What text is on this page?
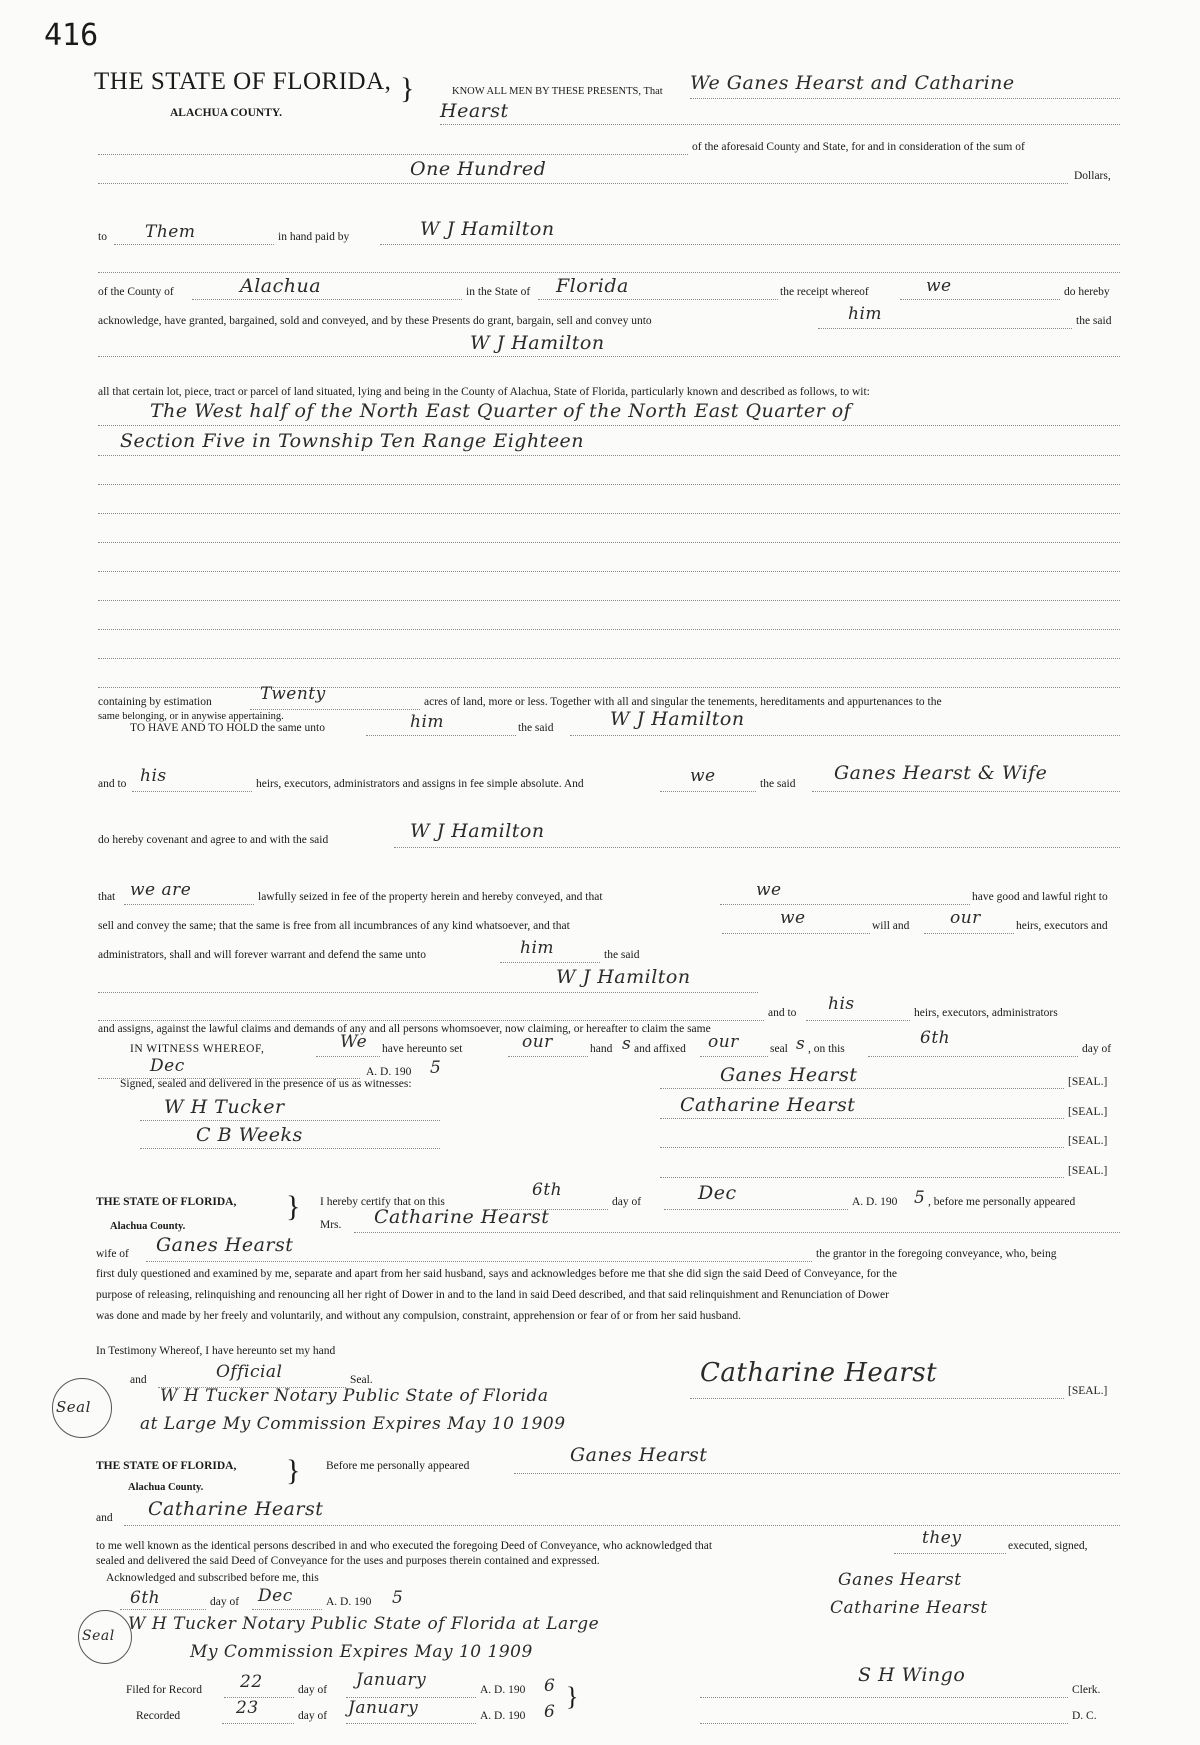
416
THE STATE OF FLORIDA,
ALACHUA COUNTY.
}	KNOW ALL MEN BY THESE PRESENTS, That We Ganes Hearst and Catharine
Hearst
of the aforesaid County and State, for and in consideration of the sum of
One Hundred	Dollars,
to Them	in hand paid by	W J Hamilton
of the County of	Alachua	in the State of Florida	the receipt whereof	we	do hereby
acknowledge, have granted, bargained, sold and conveyed, and by these Presents do grant, bargain, sell and convey unto	him	the said
W J Hamilton
all that certain lot, piece, tract or parcel of land situated, lying and being in the County of Alachua, State of Florida, particularly known and described as follows, to wit:
The West half of the North East Quarter of the North East Quarter of
Section Five in Township Ten Range Eighteen
containing by estimation	Twenty	acres of land, more or less. Together with all and singular the tenements, hereditaments and appurtenances to the
same belonging, or in anywise appertaining.
TO HAVE AND TO HOLD the same unto	him	the said	W J Hamilton
and to his	heirs, executors, administrators and assigns in fee simple absolute. And	we	the said Ganes Hearst & Wife
do hereby covenant and agree to and with the said	W J Hamilton
that we are	lawfully seized in fee of the property herein and hereby conveyed, and that	we	have good and lawful right to
sell and convey the same; that the same is free from all incumbrances of any kind whatsoever, and that	we	will and our	heirs, executors and
administrators, shall and will forever warrant and defend the same unto	him	the said
W J Hamilton
and to his	heirs, executors, administrators
and assigns, against the lawful claims and demands of any and all persons whomsoever, now claiming, or hereafter to claim the same
IN WITNESS WHEREOF,	We have hereunto set	our	hand s and affixed our	seal s , on this
6th
day of
Dec	A. D. 190 5
Signed, sealed and delivered in the presence of us as witnesses:
W H Tucker
C B Weeks
Ganes Hearst	[SEAL.]
Catharine Hearst	[SEAL.]
[SEAL.]
[SEAL.]
THE STATE OF FLORIDA,
Alachua County.
} I hereby certify that on this
6th
day of	Dec	A. D. 190 5 , before me personally appeared
Mrs. Catharine Hearst
wife of Ganes Hearst	the grantor in the foregoing conveyance, who, being
first duly questioned and examined by me, separate and apart from her said husband, says and acknowledges before me that she did sign the said Deed of Conveyance, for the
purpose of releasing, relinquishing and renouncing all her right of Dower in and to the land in said Deed described, and that said relinquishment and Renunciation of Dower
was done and made by her freely and voluntarily, and without any compulsion, constraint, apprehension or fear of or from her said husband.
In Testimony Whereof, I have hereunto set my hand
and	Official	Seal.
W H Tucker Notary Public State of Florida
at Large My Commission Expires May 10 1909
Seal
Catharine Hearst
[SEAL.]
THE STATE OF FLORIDA,
Alachua County.
} Before me personally appeared	Ganes Hearst
and Catharine Hearst
to me well known as the identical persons described in and who executed the foregoing Deed of Conveyance, who acknowledged that	they	executed, signed,
sealed and delivered the said Deed of Conveyance for the uses and purposes therein contained and expressed.
Acknowledged and subscribed before me, this
6th	day of Dec	A. D. 190 5
Ganes Hearst
Catharine Hearst
W H Tucker Notary Public State of Florida at Large
My Commission Expires May 10 1909
Seal
Filed for Record 22	day of January	A. D. 190 6 }
S H Wingo
Clerk.
Recorded	23	day of January	A. D. 190 6	D. C.
